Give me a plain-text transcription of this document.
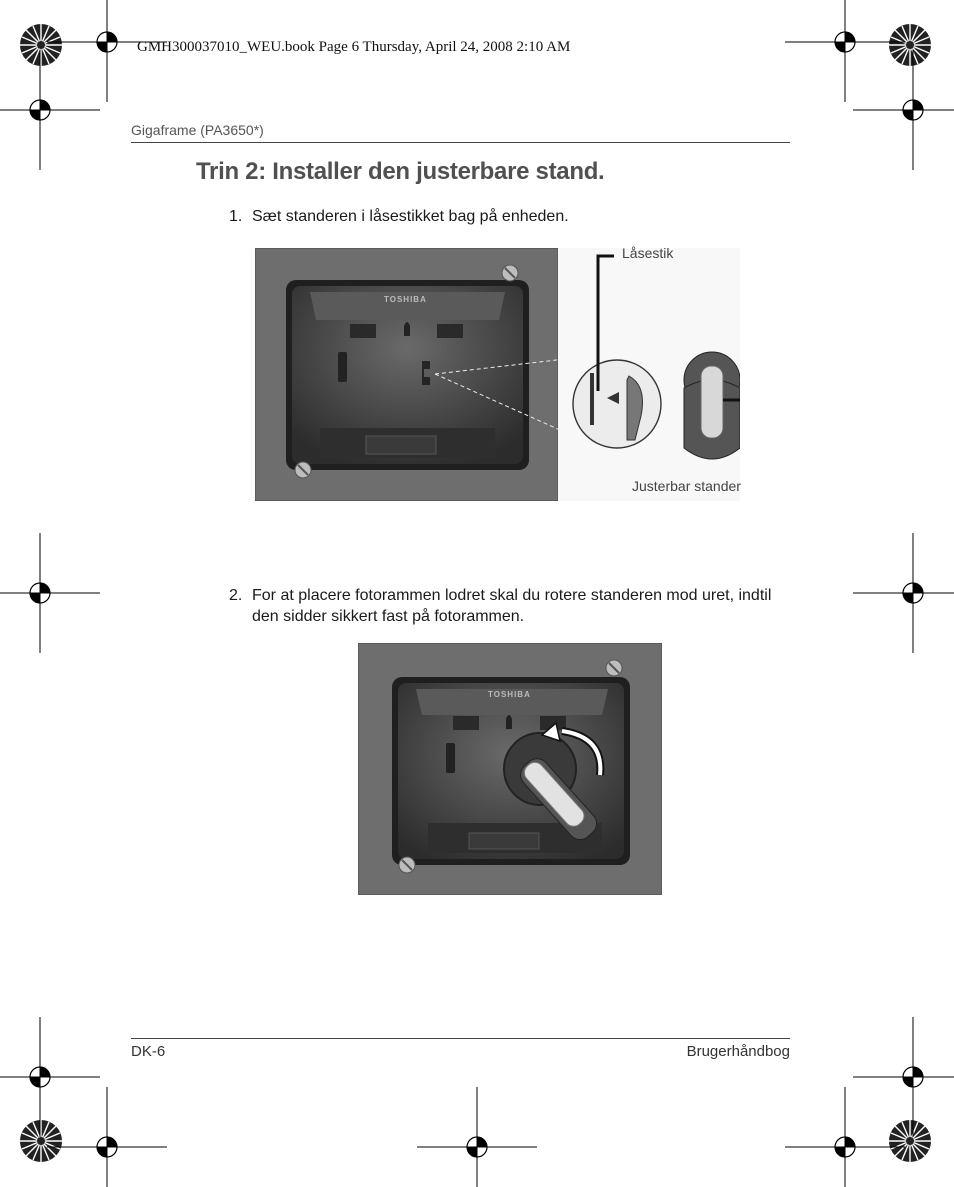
GMH300037010_WEU.book Page 6 Thursday, April 24, 2008 2:10 AM
Gigaframe (PA3650*)
Trin 2: Installer den justerbare stand.
1. Sæt standeren i låsestikket bag på enheden.
TOSHIBA
Låsestik
Justerbar stander
2. For at placere fotorammen lodret skal du rotere standeren mod uret, indtil den sidder sikkert fast på fotorammen.
TOSHIBA
DK-6	Brugerhåndbog
